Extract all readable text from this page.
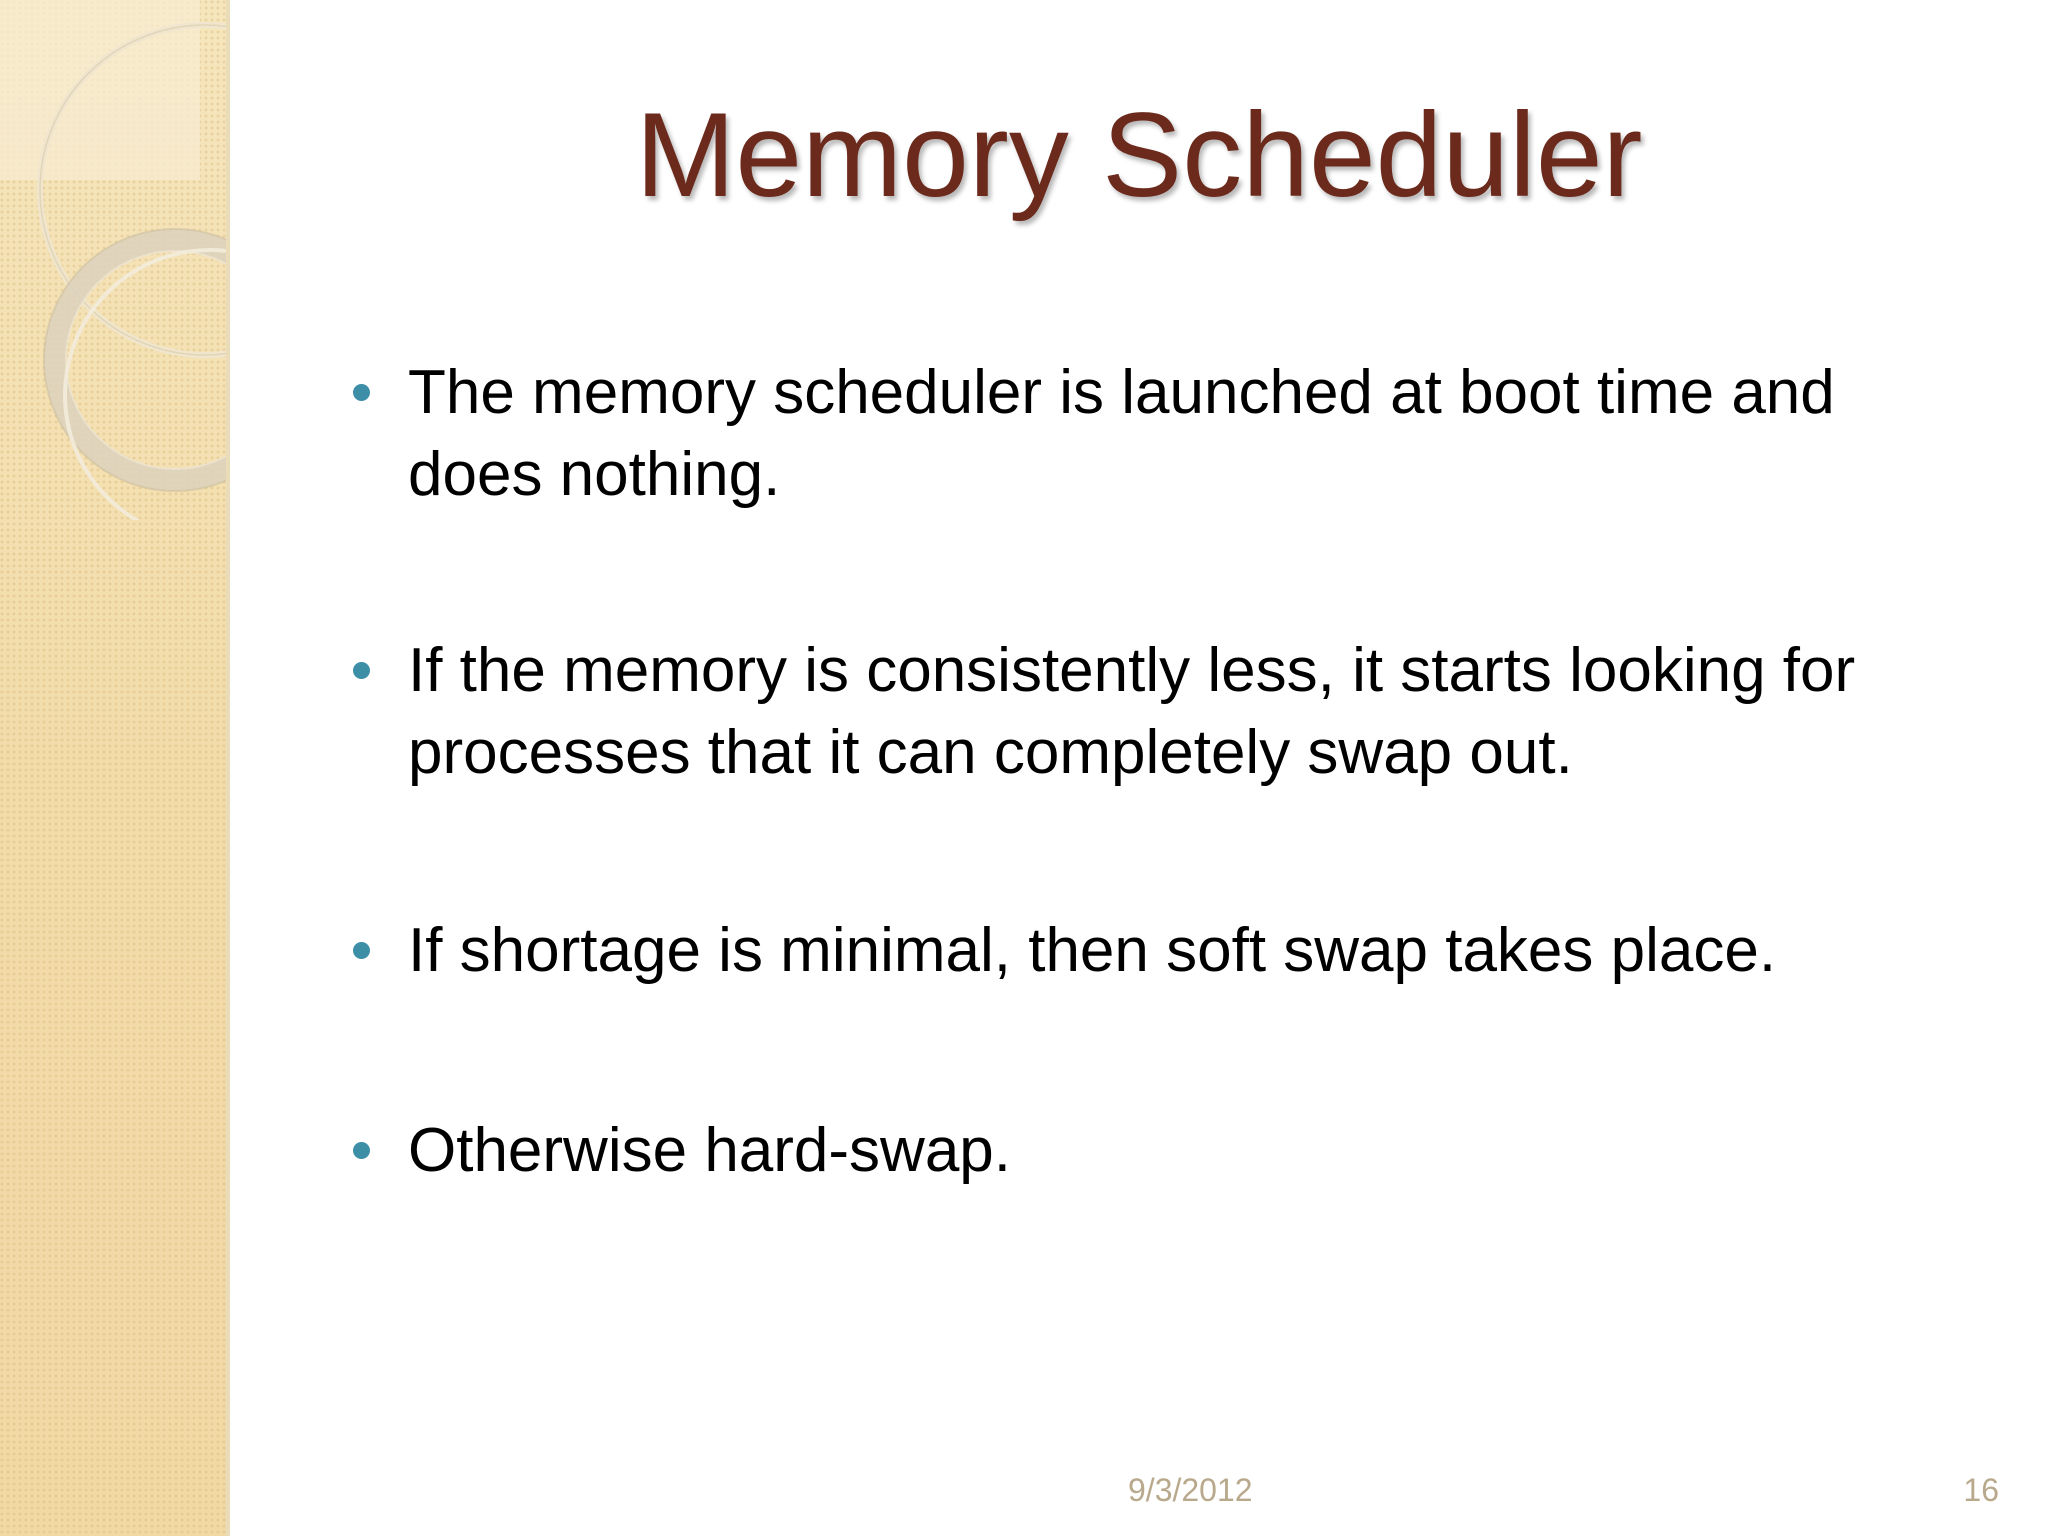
Memory Scheduler
The memory scheduler is launched at boot time and does nothing.
If the memory is consistently less, it starts looking for processes that it can completely swap out.
If shortage is minimal, then soft swap takes place.
Otherwise hard-swap.
9/3/2012	16
